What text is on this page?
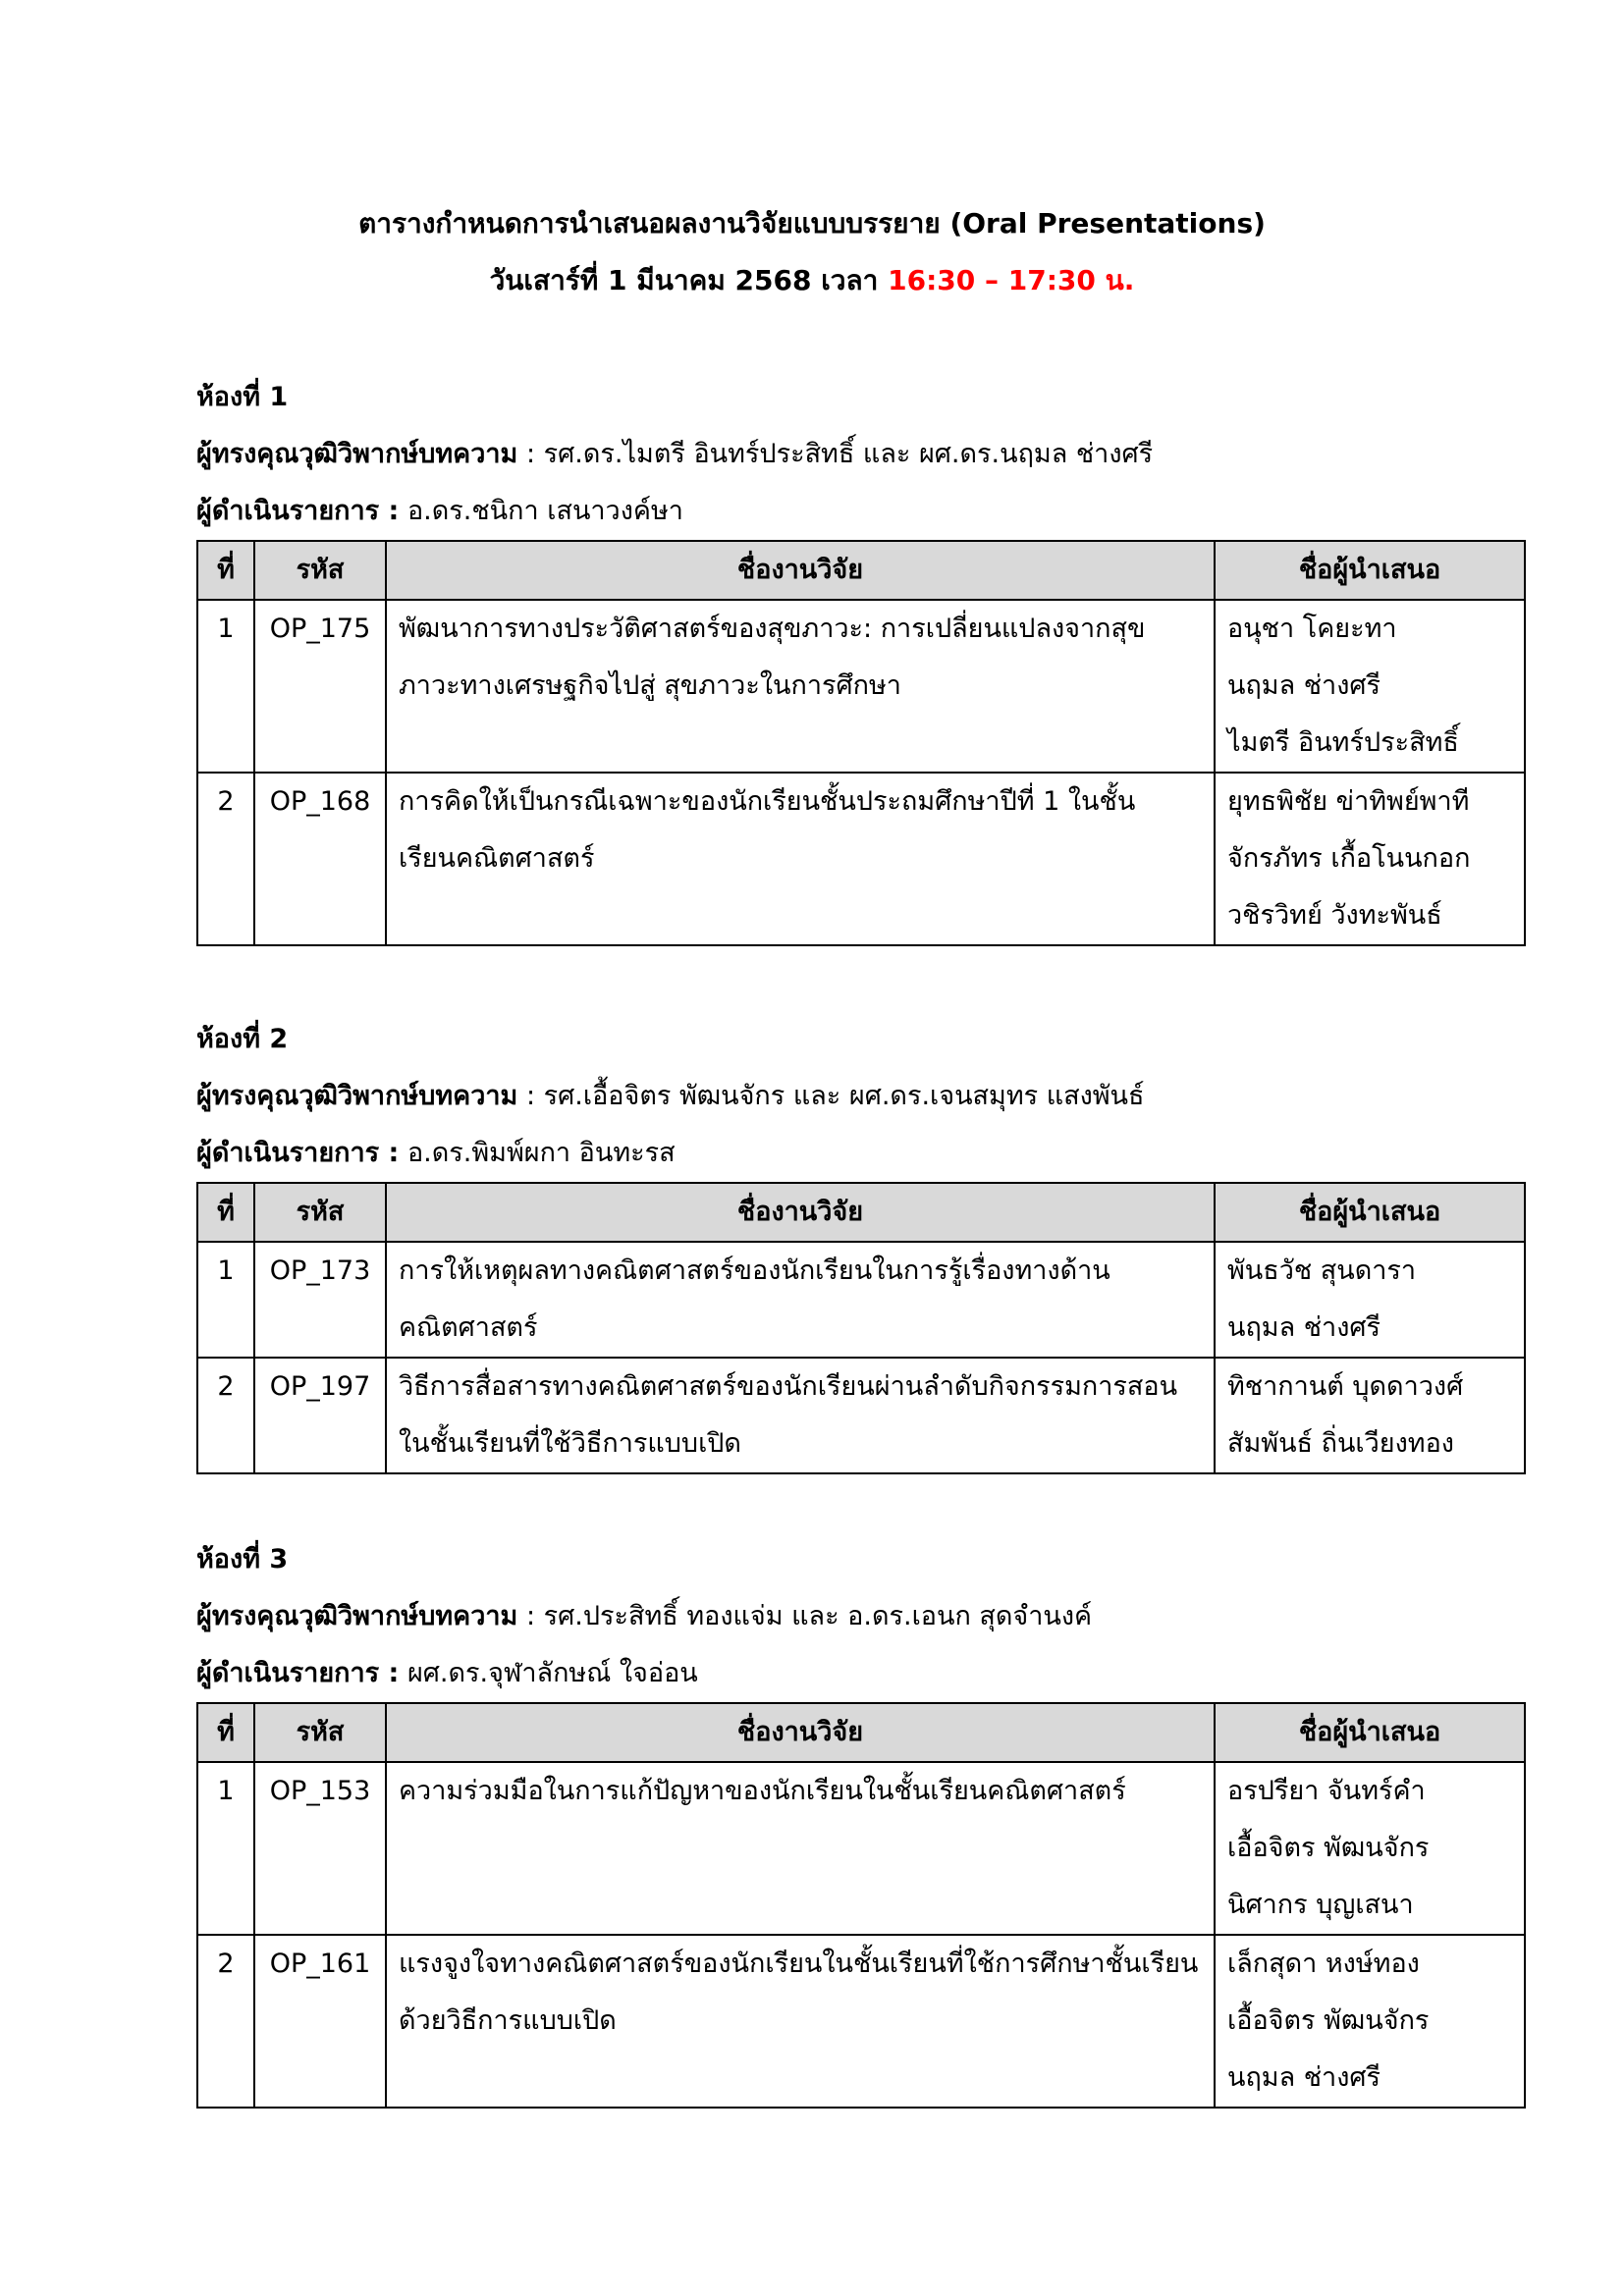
ตารางกำหนดการนำเสนอผลงานวิจัยแบบบรรยาย (Oral Presentations)
วันเสาร์ที่ 1 มีนาคม 2568 เวลา 16:30 – 17:30 น.
ห้องที่ 1
ผู้ทรงคุณวุฒิวิพากษ์บทความ : รศ.ดร.ไมตรี อินทร์ประสิทธิ์ และ ผศ.ดร.นฤมล ช่างศรี
ผู้ดำเนินรายการ : อ.ดร.ชนิกา เสนาวงค์ษา
ที่	รหัส	ชื่องานวิจัย	ชื่อผู้นำเสนอ
1	OP_175	พัฒนาการทางประวัติศาสตร์ของสุขภาวะ: การเปลี่ยนแปลงจากสุข
ภาวะทางเศรษฐกิจไปสู่ สุขภาวะในการศึกษา	อนุชา โคยะทา
นฤมล ช่างศรี
ไมตรี อินทร์ประสิทธิ์

2	OP_168	การคิดให้เป็นกรณีเฉพาะของนักเรียนชั้นประถมศึกษาปีที่ 1 ในชั้น
เรียนคณิตศาสตร์	ยุทธพิชัย ข่าทิพย์พาที
จักรภัทร เกื้อโนนกอก
วชิรวิทย์ วังทะพันธ์
ห้องที่ 2
ผู้ทรงคุณวุฒิวิพากษ์บทความ : รศ.เอื้อจิตร พัฒนจักร และ ผศ.ดร.เจนสมุทร แสงพันธ์
ผู้ดำเนินรายการ : อ.ดร.พิมพ์ผกา อินทะรส
ที่	รหัส	ชื่องานวิจัย	ชื่อผู้นำเสนอ
1	OP_173	การให้เหตุผลทางคณิตศาสตร์ของนักเรียนในการรู้เรื่องทางด้าน
คณิตศาสตร์	พันธวัช สุนดารา
นฤมล ช่างศรี

2	OP_197	วิธีการสื่อสารทางคณิตศาสตร์ของนักเรียนผ่านลำดับกิจกรรมการสอน
ในชั้นเรียนที่ใช้วิธีการแบบเปิด	ทิชากานต์ บุดดาวงศ์
สัมพันธ์ ถิ่นเวียงทอง
ห้องที่ 3
ผู้ทรงคุณวุฒิวิพากษ์บทความ : รศ.ประสิทธิ์ ทองแจ่ม และ อ.ดร.เอนก สุดจำนงค์
ผู้ดำเนินรายการ : ผศ.ดร.จุฬาลักษณ์ ใจอ่อน
ที่	รหัส	ชื่องานวิจัย	ชื่อผู้นำเสนอ
1	OP_153	ความร่วมมือในการแก้ปัญหาของนักเรียนในชั้นเรียนคณิตศาสตร์	อรปรียา จันทร์คำ
เอื้อจิตร พัฒนจักร
นิศากร บุญเสนา

2	OP_161	แรงจูงใจทางคณิตศาสตร์ของนักเรียนในชั้นเรียนที่ใช้การศึกษาชั้นเรียน
ด้วยวิธีการแบบเปิด	เล็กสุดา หงษ์ทอง
เอื้อจิตร พัฒนจักร
นฤมล ช่างศรี
